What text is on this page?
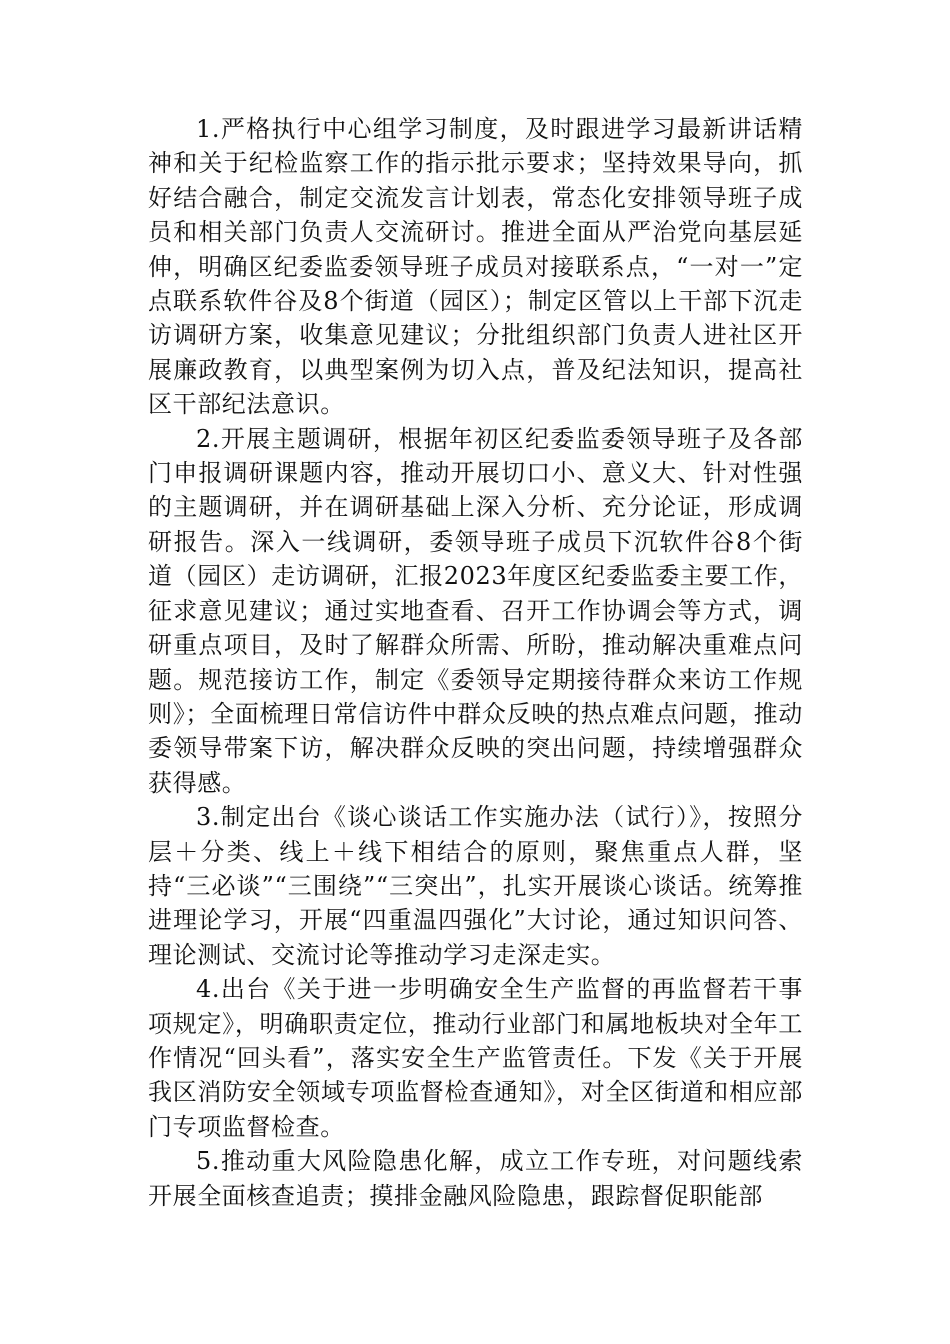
1.严格执行中心组学习制度，及时跟进学习最新讲话精神和关于纪检监察工作的指示批示要求；坚持效果导向，抓好结合融合，制定交流发言计划表，常态化安排领导班子成员和相关部门负责人交流研讨。推进全面从严治党向基层延伸，明确区纪委监委领导班子成员对接联系点，“一对一”定点联系软件谷及8个街道（园区）；制定区管以上干部下沉走访调研方案，收集意见建议；分批组织部门负责人进社区开展廉政教育，以典型案例为切入点，普及纪法知识，提高社区干部纪法意识。

2.开展主题调研，根据年初区纪委监委领导班子及各部门申报调研课题内容，推动开展切口小、意义大、针对性强的主题调研，并在调研基础上深入分析、充分论证，形成调研报告。深入一线调研，委领导班子成员下沉软件谷8个街道（园区）走访调研，汇报2023年度区纪委监委主要工作，征求意见建议；通过实地查看、召开工作协调会等方式，调研重点项目，及时了解群众所需、所盼，推动解决重难点问题。规范接访工作，制定《委领导定期接待群众来访工作规则》；全面梳理日常信访件中群众反映的热点难点问题，推动委领导带案下访，解决群众反映的突出问题，持续增强群众获得感。

3.制定出台《谈心谈话工作实施办法（试行）》，按照分层＋分类、线上＋线下相结合的原则，聚焦重点人群，坚持“三必谈”“三围绕”“三突出”，扎实开展谈心谈话。统筹推进理论学习，开展“四重温四强化”大讨论，通过知识问答、理论测试、交流讨论等推动学习走深走实。

4.出台《关于进一步明确安全生产监督的再监督若干事项规定》，明确职责定位，推动行业部门和属地板块对全年工作情况“回头看”，落实安全生产监管责任。下发《关于开展我区消防安全领域专项监督检查通知》，对全区街道和相应部门专项监督检查。

5.推动重大风险隐患化解，成立工作专班，对问题线索开展全面核查追责；摸排金融风险隐患，跟踪督促职能部
